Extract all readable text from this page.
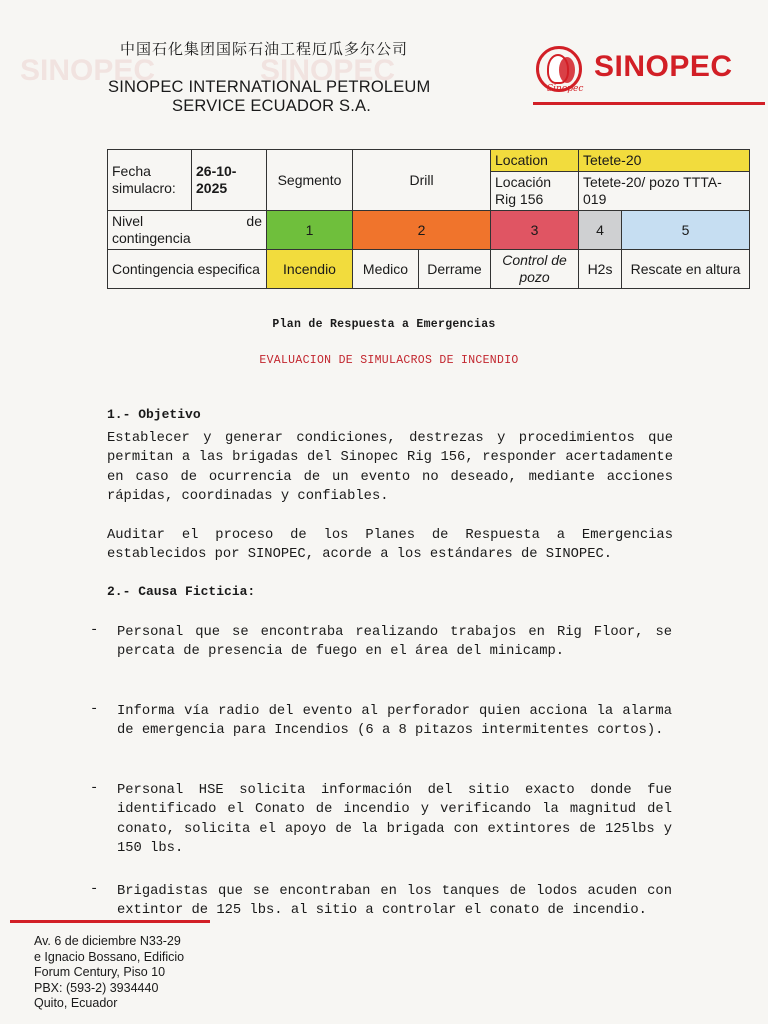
SINOPEC	SINOPEC
中国石化集团国际石油工程厄瓜多尔公司
SINOPEC INTERNATIONAL PETROLEUM
SERVICE ECUADOR S.A.
Sinopec
SINOPEC
Fecha simulacro:	26-10-2025	Segmento	Drill		Location	Tetete-20	
					Locación Rig 156	Tetete-20/ pozo TTTA-019	

Nivel de
contingencia		1	2		3	4	5
Contingencia especifica		Incendio	Medico	Derrame	Control de pozo	H2s	Rescate en altura
Plan de Respuesta a Emergencias
EVALUACION DE SIMULACROS DE INCENDIO
1.- Objetivo
Establecer y generar condiciones, destrezas y procedimientos que permitan a las brigadas del Sinopec Rig 156, responder acertadamente en caso de ocurrencia de un evento no deseado, mediante acciones rápidas, coordinadas y confiables.
Auditar el proceso de los Planes de Respuesta a Emergencias establecidos por SINOPEC, acorde a los estándares de SINOPEC.
2.- Causa Ficticia:
- Personal que se encontraba realizando trabajos en Rig Floor, se percata de presencia de fuego en el área del minicamp.
- Informa vía radio del evento al perforador quien acciona la alarma de emergencia para Incendios (6 a 8 pitazos intermitentes cortos).
- Personal HSE solicita información del sitio exacto donde fue identificado el Conato de incendio y verificando la magnitud del conato, solicita el apoyo de la brigada con extintores de 125lbs y 150 lbs.
- Brigadistas que se encontraban en los tanques de lodos acuden con extintor de 125 lbs. al sitio a controlar el conato de incendio.
Av. 6 de diciembre N33-29
e Ignacio Bossano, Edificio
Forum Century, Piso 10
PBX: (593-2) 3934440
Quito, Ecuador
